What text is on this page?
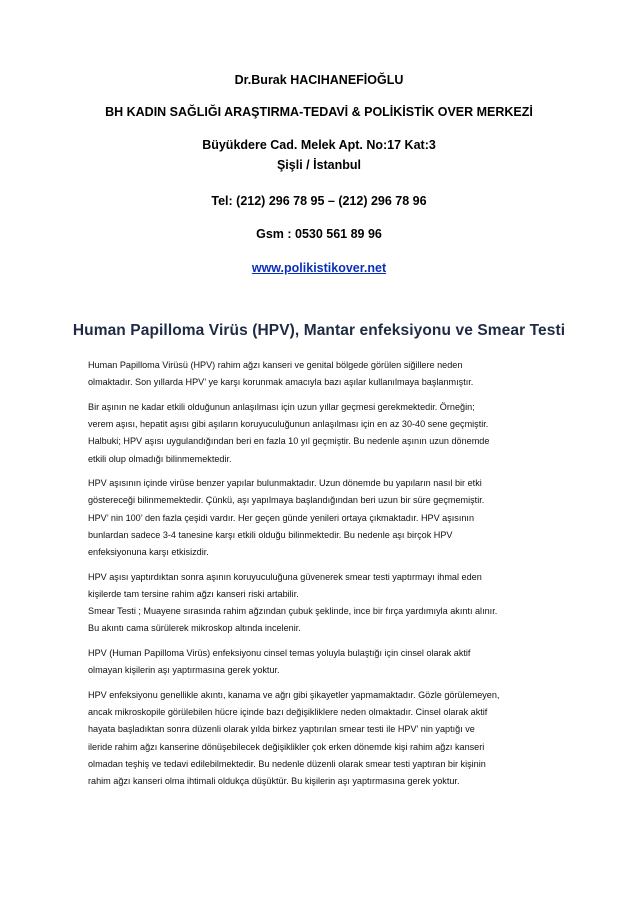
Dr.Burak HACIHANEFİOĞLU
BH KADIN SAĞLIĞI ARAŞTIRMA-TEDAVİ & POLİKİSTİK OVER MERKEZİ
Büyükdere Cad. Melek Apt. No:17 Kat:3
Şişli / İstanbul
Tel: (212) 296 78 95 – (212) 296 78 96
Gsm : 0530 561 89 96
www.polikistikover.net
Human Papilloma Virüs (HPV), Mantar enfeksiyonu ve Smear Testi
Human Papilloma Virüsü (HPV) rahim ağzı kanseri ve genital bölgede görülen siğillere neden
olmaktadır. Son yıllarda HPV’ ye karşı korunmak amacıyla bazı aşılar kullanılmaya başlanmıştır.
Bir aşının ne kadar etkili olduğunun anlaşılması için uzun yıllar geçmesi gerekmektedir. Örneğin;
verem aşısı, hepatit aşısı gibi aşıların koruyuculuğunun anlaşılması için en az 30-40 sene geçmiştir.
Halbuki; HPV aşısı uygulandığından beri en fazla 10 yıl geçmiştir. Bu nedenle aşının uzun dönemde
etkili olup olmadığı bilinmemektedir.
HPV aşısının içinde virüse benzer yapılar bulunmaktadır. Uzun dönemde bu yapıların nasıl bir etki
göstereceği bilinmemektedir. Çünkü, aşı yapılmaya başlandığından beri uzun bir süre geçmemiştir.
HPV’ nin 100’ den fazla çeşidi vardır. Her geçen günde yenileri ortaya çıkmaktadır. HPV aşısının
bunlardan sadece 3-4 tanesine karşı etkili olduğu bilinmektedir. Bu nedenle aşı birçok HPV
enfeksiyonuna karşı etkisizdir.
HPV aşısı yaptırdıktan sonra aşının koruyuculuğuna güvenerek smear testi yaptırmayı ihmal eden
kişilerde tam tersine rahim ağzı kanseri riski artabilir.
Smear Testi ; Muayene sırasında rahim ağzından çubuk şeklinde, ince bir fırça yardımıyla akıntı alınır.
Bu akıntı cama sürülerek mikroskop altında incelenir.
HPV (Human Papilloma Virüs) enfeksiyonu cinsel temas yoluyla bulaştığı için cinsel olarak aktif
olmayan kişilerin aşı yaptırmasına gerek yoktur.
HPV enfeksiyonu genellikle akıntı, kanama ve ağrı gibi şikayetler yapmamaktadır. Gözle görülemeyen,
ancak mikroskopile görülebilen hücre içinde bazı değişikliklere neden olmaktadır. Cinsel olarak aktif
hayata başladıktan sonra düzenli olarak yılda birkez yaptırılan smear testi ile HPV’ nin yaptığı ve
ileride rahim ağzı kanserine dönüşebilecek değişiklikler çok erken dönemde kişi rahim ağzı kanseri
olmadan teşhiş ve tedavi edilebilmektedir. Bu nedenle düzenli olarak smear testi yaptıran bir kişinin
rahim ağzı kanseri olma ihtimali oldukça düşüktür. Bu kişilerin aşı yaptırmasına gerek yoktur.
